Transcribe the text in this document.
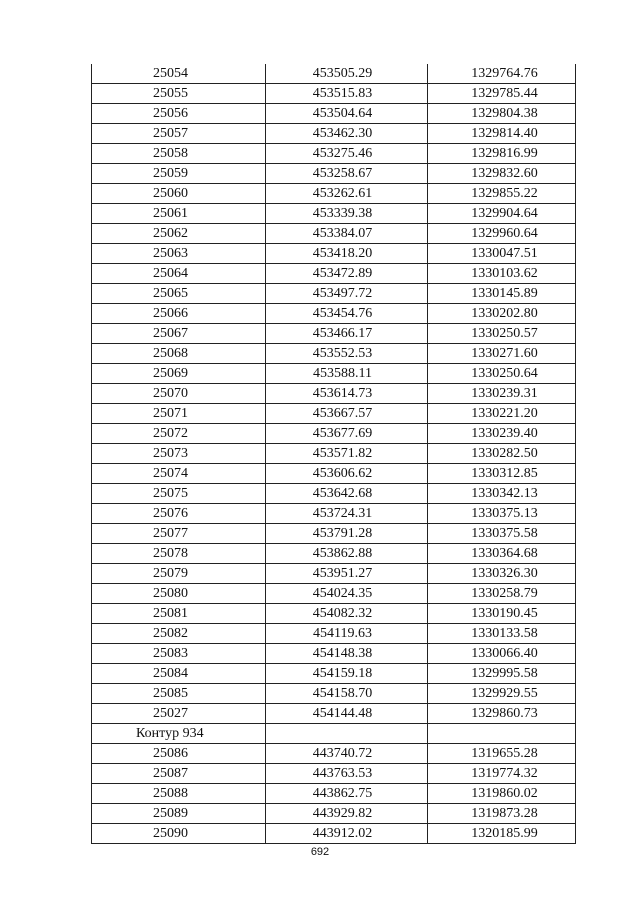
25054	453505.29	1329764.76
25055	453515.83	1329785.44
25056	453504.64	1329804.38
25057	453462.30	1329814.40
25058	453275.46	1329816.99
25059	453258.67	1329832.60
25060	453262.61	1329855.22
25061	453339.38	1329904.64
25062	453384.07	1329960.64
25063	453418.20	1330047.51
25064	453472.89	1330103.62
25065	453497.72	1330145.89
25066	453454.76	1330202.80
25067	453466.17	1330250.57
25068	453552.53	1330271.60
25069	453588.11	1330250.64
25070	453614.73	1330239.31
25071	453667.57	1330221.20
25072	453677.69	1330239.40
25073	453571.82	1330282.50
25074	453606.62	1330312.85
25075	453642.68	1330342.13
25076	453724.31	1330375.13
25077	453791.28	1330375.58
25078	453862.88	1330364.68
25079	453951.27	1330326.30
25080	454024.35	1330258.79
25081	454082.32	1330190.45
25082	454119.63	1330133.58
25083	454148.38	1330066.40
25084	454159.18	1329995.58
25085	454158.70	1329929.55
25027	454144.48	1329860.73
Контур 934		
25086	443740.72	1319655.28
25087	443763.53	1319774.32
25088	443862.75	1319860.02
25089	443929.82	1319873.28
25090	443912.02	1320185.99
692
